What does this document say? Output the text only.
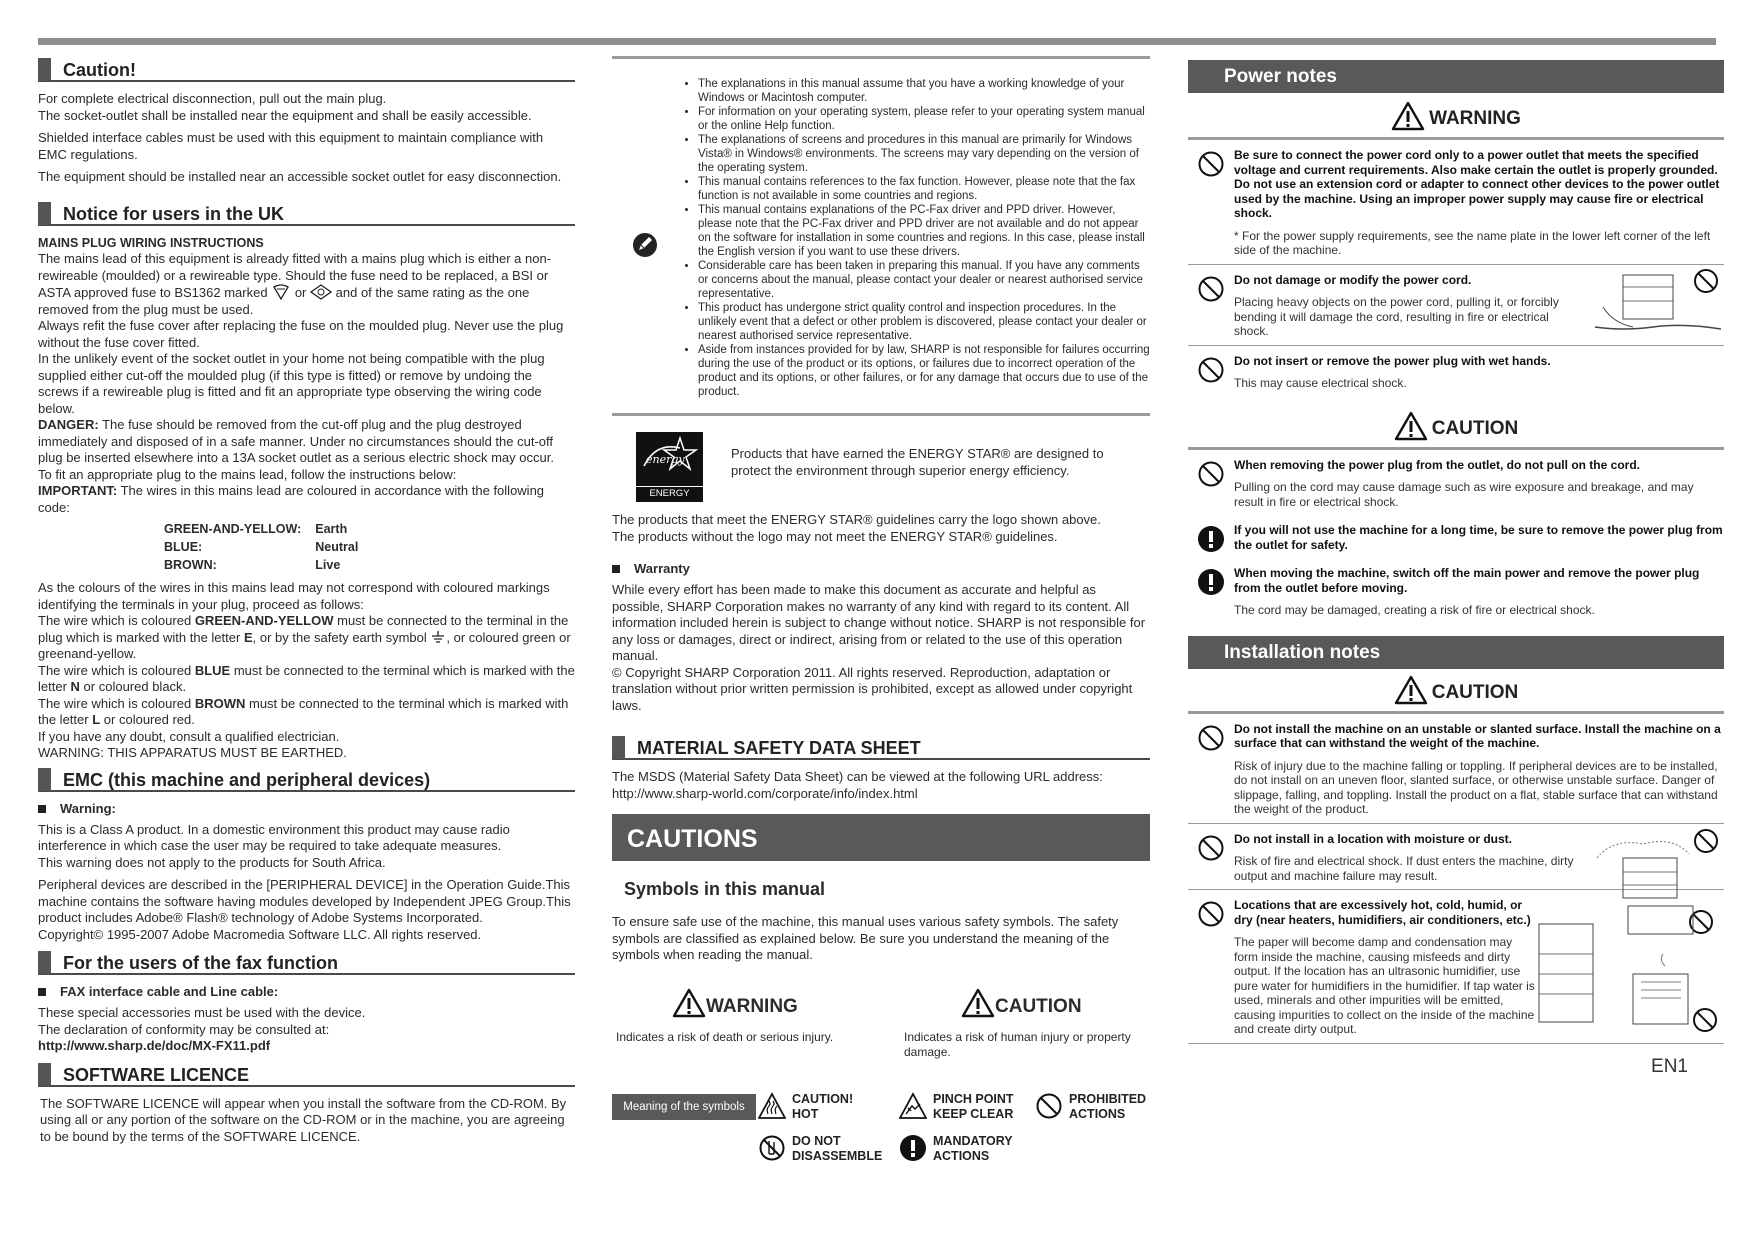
Caution!

For complete electrical disconnection, pull out the main plug.

The socket-outlet shall be installed near the equipment and shall be easily accessible.

Shielded interface cables must be used with this equipment to maintain compliance with EMC regulations.

The equipment should be installed near an accessible socket outlet for easy disconnection.

Notice for users in the UK

MAINS PLUG WIRING INSTRUCTIONS

The mains lead of this equipment is already fitted with a mains plug which is either a non-rewireable (moulded) or a rewireable type. Should the fuse need to be replaced, a BSI or ASTA approved fuse to BS1362 marked or and of the same rating as the one removed from the plug must be used.

Always refit the fuse cover after replacing the fuse on the moulded plug. Never use the plug without the fuse cover fitted.

In the unlikely event of the socket outlet in your home not being compatible with the plug supplied either cut-off the moulded plug (if this type is fitted) or remove by undoing the screws if a rewireable plug is fitted and fit an appropriate type observing the wiring code below.

DANGER: The fuse should be removed from the cut-off plug and the plug destroyed immediately and disposed of in a safe manner. Under no circumstances should the cut-off plug be inserted elsewhere into a 13A socket outlet as a serious electric shock may occur.

To fit an appropriate plug to the mains lead, follow the instructions below:

IMPORTANT: The wires in this mains lead are coloured in accordance with the following code:

GREEN-AND-YELLOW:	Earth
BLUE:	Neutral
BROWN:	Live

As the colours of the wires in this mains lead may not correspond with coloured markings identifying the terminals in your plug, proceed as follows:

The wire which is coloured GREEN-AND-YELLOW must be connected to the terminal in the plug which is marked with the letter E, or by the safety earth symbol , or coloured green or greenand-yellow.

The wire which is coloured BLUE must be connected to the terminal which is marked with the letter N or coloured black.

The wire which is coloured BROWN must be connected to the terminal which is marked with the letter L or coloured red.

If you have any doubt, consult a qualified electrician.

WARNING: THIS APPARATUS MUST BE EARTHED.

EMC (this machine and peripheral devices)
Warning:

This is a Class A product. In a domestic environment this product may cause radio interference in which case the user may be required to take adequate measures.

This warning does not apply to the products for South Africa.

Peripheral devices are described in the [PERIPHERAL DEVICE] in the Operation Guide.This machine contains the software having modules developed by Independent JPEG Group.This product includes Adobe® Flash® technology of Adobe Systems Incorporated.

Copyright© 1995-2007 Adobe Macromedia Software LLC. All rights reserved.

For the users of the fax function
FAX interface cable and Line cable:

These special accessories must be used with the device.

The declaration of conformity may be consulted at:

http://www.sharp.de/doc/MX-FX11.pdf

SOFTWARE LICENCE

The SOFTWARE LICENCE will appear when you install the software from the CD-ROM. By using all or any portion of the software on the CD-ROM or in the machine, you are agreeing to be bound by the terms of the SOFTWARE LICENCE.

• The explanations in this manual assume that you have a working knowledge of your Windows or Macintosh computer.
• For information on your operating system, please refer to your operating system manual or the online Help function.
• The explanations of screens and procedures in this manual are primarily for Windows Vista® in Windows® environments. The screens may vary depending on the version of the operating system.
• This manual contains references to the fax function. However, please note that the fax function is not available in some countries and regions.
• This manual contains explanations of the PC-Fax driver and PPD driver. However, please note that the PC-Fax driver and PPD driver are not available and do not appear on the software for installation in some countries and regions. In this case, please install the English version if you want to use these drivers.
• Considerable care has been taken in preparing this manual. If you have any comments or concerns about the manual, please contact your dealer or nearest authorised service representative.
• This product has undergone strict quality control and inspection procedures. In the unlikely event that a defect or other problem is discovered, please contact your dealer or nearest authorised service representative.
• Aside from instances provided for by law, SHARP is not responsible for failures occurring during the use of the product or its options, or failures due to incorrect operation of the product and its options, or other failures, or for any damage that occurs due to use of the product.
energy
ENERGY STAR

Products that have earned the ENERGY STAR® are designed to protect the environment through superior energy efficiency.

The products that meet the ENERGY STAR® guidelines carry the logo shown above.

The products without the logo may not meet the ENERGY STAR® guidelines.

Warranty

While every effort has been made to make this document as accurate and helpful as possible, SHARP Corporation makes no warranty of any kind with regard to its content. All information included herein is subject to change without notice. SHARP is not responsible for any loss or damages, direct or indirect, arising from or related to the use of this operation manual.

© Copyright SHARP Corporation 2011. All rights reserved. Reproduction, adaptation or translation without prior written permission is prohibited, except as allowed under copyright laws.

MATERIAL SAFETY DATA SHEET

The MSDS (Material Safety Data Sheet) can be viewed at the following URL address:

http://www.sharp-world.com/corporate/info/index.html

CAUTIONS
Symbols in this manual

To ensure safe use of the machine, this manual uses various safety symbols. The safety symbols are classified as explained below. Be sure you understand the meaning of the symbols when reading the manual.

WARNING

Indicates a risk of death or serious injury.

CAUTION

Indicates a risk of human injury or property damage.

Meaning of the symbols
CAUTION! HOT
PINCH POINT KEEP CLEAR
PROHIBITED ACTIONS
DO NOT DISASSEMBLE
MANDATORY ACTIONS
Power notes
WARNING
Be sure to connect the power cord only to a power outlet that meets the specified voltage and current requirements. Also make certain the outlet is properly grounded. Do not use an extension cord or adapter to connect other devices to the power outlet used by the machine. Using an improper power supply may cause fire or electrical shock.
* For the power supply requirements, see the name plate in the lower left corner of the left side of the machine.
Do not damage or modify the power cord.
Placing heavy objects on the power cord, pulling it, or forcibly bending it will damage the cord, resulting in fire or electrical shock.
Do not insert or remove the power plug with wet hands.
This may cause electrical shock.
CAUTION
When removing the power plug from the outlet, do not pull on the cord.
Pulling on the cord may cause damage such as wire exposure and breakage, and may result in fire or electrical shock.
If you will not use the machine for a long time, be sure to remove the power plug from the outlet for safety.
When moving the machine, switch off the main power and remove the power plug from the outlet before moving.
The cord may be damaged, creating a risk of fire or electrical shock.
Installation notes
CAUTION
Do not install the machine on an unstable or slanted surface. Install the machine on a surface that can withstand the weight of the machine.
Risk of injury due to the machine falling or toppling. If peripheral devices are to be installed, do not install on an uneven floor, slanted surface, or otherwise unstable surface. Danger of slippage, falling, and toppling. Install the product on a flat, stable surface that can withstand the weight of the product.
Do not install in a location with moisture or dust.
Risk of fire and electrical shock. If dust enters the machine, dirty output and machine failure may result.
Locations that are excessively hot, cold, humid, or dry (near heaters, humidifiers, air conditioners, etc.)
The paper will become damp and condensation may form inside the machine, causing misfeeds and dirty output. If the location has an ultrasonic humidifier, use pure water for humidifiers in the humidifier. If tap water is used, minerals and other impurities will be emitted, causing impurities to collect on the inside of the machine and create dirty output.
EN1
